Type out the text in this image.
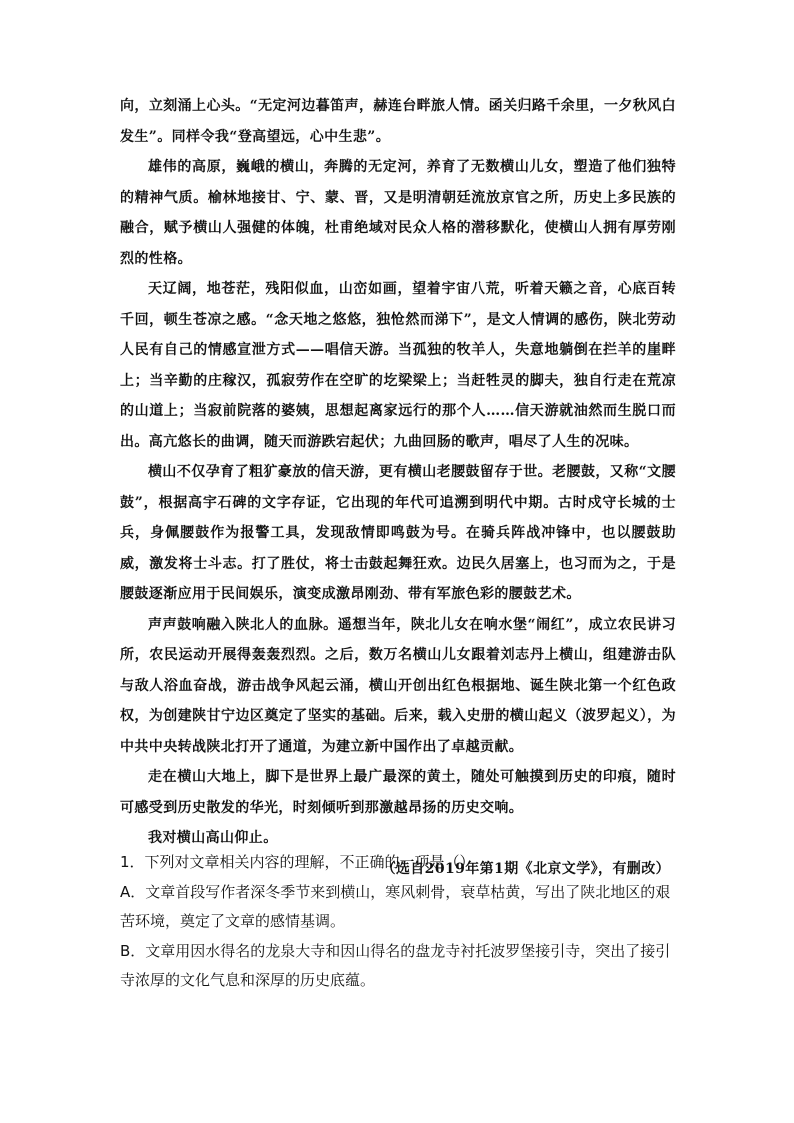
向，立刻涌上心头。“无定河边暮笛声，赫连台畔旅人情。函关归路千余里，一夕秋风白发生”。同样令我“登高望远，心中生悲”。

雄伟的高原，巍峨的横山，奔腾的无定河，养育了无数横山儿女，塑造了他们独特的精神气质。榆林地接甘、宁、蒙、晋，又是明清朝廷流放京官之所，历史上多民族的融合，赋予横山人强健的体魄，杜甫绝域对民众人格的潜移默化，使横山人拥有厚劳刚烈的性格。

天辽阔，地苍茫，残阳似血，山峦如画，望着宇宙八荒，听着天籁之音，心底百转千回，顿生苍凉之感。“念天地之悠悠，独怆然而涕下”，是文人情调的感伤，陕北劳动人民有自己的情感宣泄方式——唱信天游。当孤独的牧羊人，失意地躺倒在拦羊的崖畔上；当辛勤的庄稼汉，孤寂劳作在空旷的圪梁梁上；当赶牲灵的脚夫，独自行走在荒凉的山道上；当寂前院落的婆姨，思想起离家远行的那个人……信天游就油然而生脱口而出。高亢悠长的曲调，随天而游跌宕起伏；九曲回肠的歌声，唱尽了人生的况味。

横山不仅孕育了粗犷豪放的信天游，更有横山老腰鼓留存于世。老腰鼓，又称“文腰鼓”，根据高宇石碑的文字存证，它出现的年代可追溯到明代中期。古时戍守长城的士兵，身佩腰鼓作为报警工具，发现敌情即鸣鼓为号。在骑兵阵战冲锋中，也以腰鼓助威，激发将士斗志。打了胜仗，将士击鼓起舞狂欢。边民久居塞上，也习而为之，于是腰鼓逐渐应用于民间娱乐，演变成激昂刚劲、带有军旅色彩的腰鼓艺术。

声声鼓响融入陕北人的血脉。遥想当年，陕北儿女在响水堡“闹红”，成立农民讲习所，农民运动开展得轰轰烈烈。之后，数万名横山儿女跟着刘志丹上横山，组建游击队与敌人浴血奋战，游击战争风起云涌，横山开创出红色根据地、诞生陕北第一个红色政权，为创建陕甘宁边区奠定了坚实的基础。后来，载入史册的横山起义（波罗起义），为中共中央转战陕北打开了通道，为建立新中国作出了卓越贡献。

走在横山大地上，脚下是世界上最广最深的黄土，随处可触摸到历史的印痕，随时可感受到历史散发的华光，时刻倾听到那激越昂扬的历史交响。

我对横山高山仰止。

（选自2019年第1期《北京文学》，有删改）

1．下列对文章相关内容的理解，不正确的一项是（）

A．文章首段写作者深冬季节来到横山，寒风刺骨，衰草枯黄，写出了陕北地区的艰苦环境，奠定了文章的感情基调。

B．文章用因水得名的龙泉大寺和因山得名的盘龙寺衬托波罗堡接引寺，突出了接引寺浓厚的文化气息和深厚的历史底蕴。
